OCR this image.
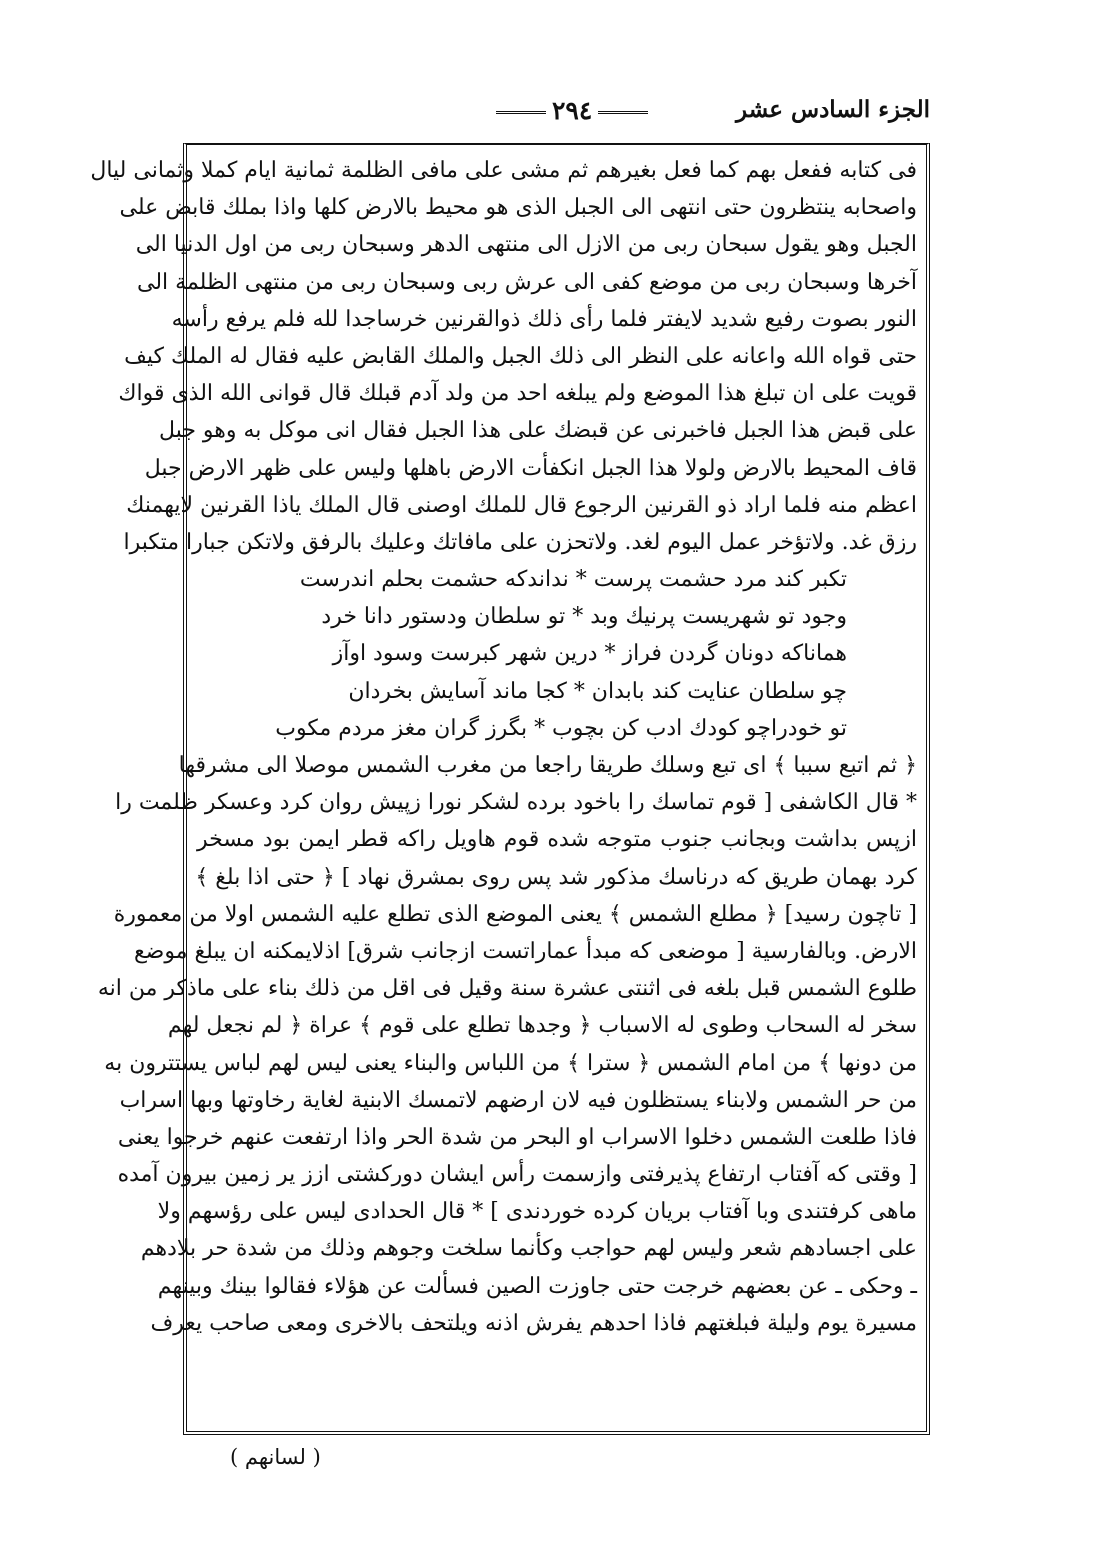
الجزء السادس عشر
٢٩٤
فى كتابه ففعل بهم كما فعل بغيرهم ثم مشى على مافى الظلمة ثمانية ايام كملا وثمانى ليال
واصحابه ينتظرون حتى انتهى الى الجبل الذى هو محيط بالارض كلها واذا بملك قابض على
الجبل وهو يقول سبحان ربى من الازل الى منتهى الدهر وسبحان ربى من اول الدنيا الى
آخرها وسبحان ربى من موضع كفى الى عرش ربى وسبحان ربى من منتهى الظلمة الى
النور بصوت رفيع شديد لايفتر فلما رأى ذلك ذوالقرنين خرساجدا لله فلم يرفع رأسه
حتى قواه الله واعانه على النظر الى ذلك الجبل والملك القابض عليه فقال له الملك كيف
قويت على ان تبلغ هذا الموضع ولم يبلغه احد من ولد آدم قبلك قال قوانى الله الذى قواك
على قبض هذا الجبل فاخبرنى عن قبضك على هذا الجبل فقال انى موكل به وهو جبل
قاف المحيط بالارض ولولا هذا الجبل انكفأت الارض باهلها وليس على ظهر الارض جبل
اعظم منه فلما اراد ذو القرنين الرجوع قال للملك اوصنى قال الملك ياذا القرنين لايهمنك
رزق غد. ولاتؤخر عمل اليوم لغد. ولاتحزن على مافاتك وعليك بالرفق ولاتكن جبارا متكبرا
تكبر كند مرد حشمت پرست * نداندكه حشمت بحلم اندرست
وجود تو شهريست پرنيك وبد * تو سلطان ودستور دانا خرد
هماناكه دونان گردن فراز * درين شهر كبرست وسود اوآز
چو سلطان عنايت كند بابدان * كجا ماند آسايش بخردان
تو خودراچو كودك ادب كن بچوب * بگرز گران مغز مردم مكوب
﴿ ثم اتبع سببا ﴾ اى تبع وسلك طريقا راجعا من مغرب الشمس موصلا الى مشرقها
* قال الكاشفى [ قوم تماسك را باخود برده لشكر نورا زپيش روان كرد وعسكر ظلمت را
ازپس بداشت وبجانب جنوب متوجه شده قوم هاويل راكه قطر ايمن بود مسخر
كرد بهمان طريق كه درناسك مذكور شد پس روى بمشرق نهاد ] ﴿ حتى اذا بلغ ﴾
[ تاچون رسيد] ﴿ مطلع الشمس ﴾ يعنى الموضع الذى تطلع عليه الشمس اولا من معمورة
الارض. وبالفارسية [ موضعى كه مبدأ عماراتست ازجانب شرق] اذلايمكنه ان يبلغ موضع
طلوع الشمس قبل بلغه فى اثنتى عشرة سنة وقيل فى اقل من ذلك بناء على ماذكر من انه
سخر له السحاب وطوى له الاسباب ﴿ وجدها تطلع على قوم ﴾ عراة ﴿ لم نجعل لهم
من دونها ﴾ من امام الشمس ﴿ سترا ﴾ من اللباس والبناء يعنى ليس لهم لباس يستترون به
من حر الشمس ولابناء يستظلون فيه لان ارضهم لاتمسك الابنية لغاية رخاوتها وبها اسراب
فاذا طلعت الشمس دخلوا الاسراب او البحر من شدة الحر واذا ارتفعت عنهم خرجوا يعنى
[ وقتى كه آفتاب ارتفاع پذيرفتى وازسمت رأس ايشان دوركشتى ازز ير زمين بيرون آمده
ماهى كرفتندى وبا آفتاب بريان كرده خوردندى ] * قال الحدادى ليس على رؤسهم ولا
على اجسادهم شعر وليس لهم حواجب وكأنما سلخت وجوهم وذلك من شدة حر بلادهم
ـ وحكى ـ عن بعضهم خرجت حتى جاوزت الصين فسألت عن هؤلاء فقالوا بينك وبينهم
مسيرة يوم وليلة فبلغتهم فاذا احدهم يفرش اذنه ويلتحف بالاخرى ومعى صاحب يعرف
( لسانهم )
